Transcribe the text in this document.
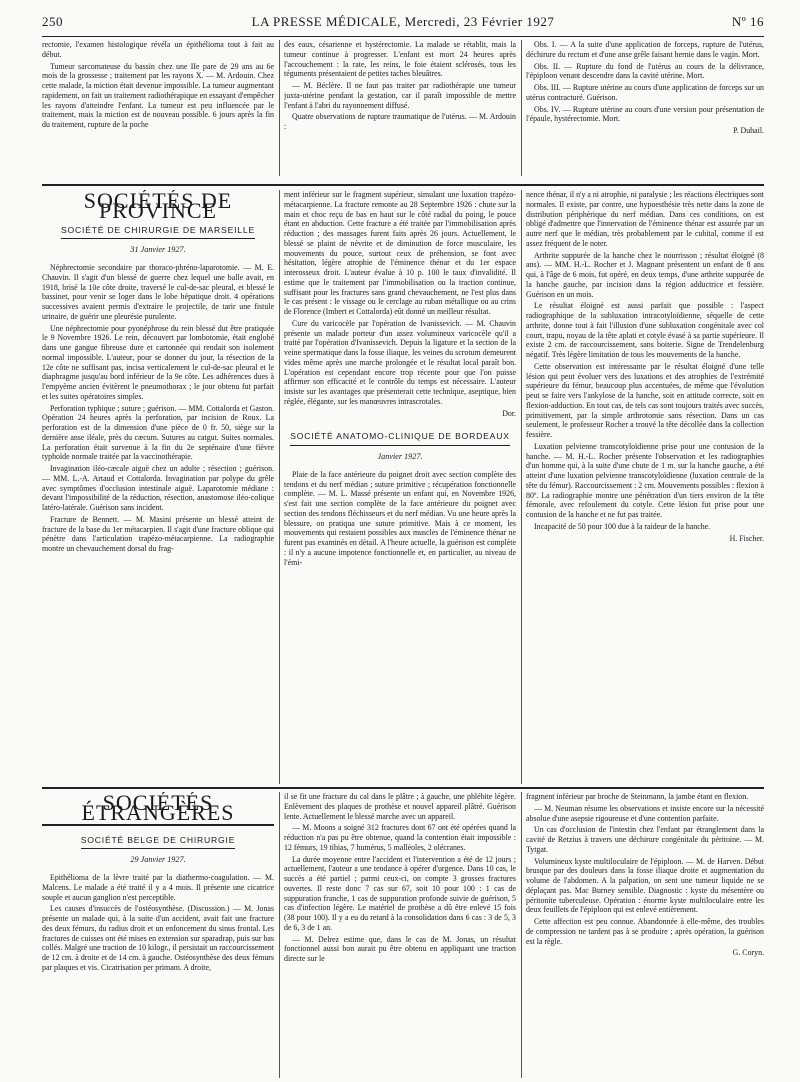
250	LA PRESSE MÉDICALE, Mercredi, 23 Février 1927	Nº 16

rectomie, l'examen histologique révéla un épithélioma tout à fait au début.

Tumeur sarcomateuse du bassin chez une IIe pare de 29 ans au 6e mois de la grossesse ; traitement par les rayons X. — M. Ardouin. Chez cette malade, la miction était devenue impossible. La tumeur augmentant rapidement, on fait un traitement radiothérapique en essayant d'empêcher les rayons d'atteindre l'enfant. La tumeur est peu influencée par le traitement, mais la miction est de nouveau possible. 6 jours après la fin du traitement, rupture de la poche

des eaux, césarienne et hystérectomie. La malade se rétablit, mais la tumeur continue à progresser. L'enfant est mort 24 heures après l'accouchement : la rate, les reins, le foie étaient sclérosés, tous les téguments présentaient de petites taches bleuâtres.

— M. Béclère. Il ne faut pas traiter par radiothérapie une tumeur juxta-utérine pendant la gestation, car il paraît impossible de mettre l'enfant à l'abri du rayonnement diffusé.

Quatre observations de rupture traumatique de l'utérus. — M. Ardouin :

Obs. I. — A la suite d'une application de forceps, rupture de l'utérus, déchirure du rectum et d'une anse grêle faisant hernie dans le vagin. Mort.

Obs. II. — Rupture du fond de l'utérus au cours de la délivrance, l'épiploon venant descendre dans la cavité utérine. Mort.

Obs. III. — Rupture utérine au cours d'une application de forceps sur un utérus contracturé. Guérison.

Obs. IV. — Rupture utérine au cours d'une version pour présentation de l'épaule, hystérectomie. Mort.

P. Duhail.

SOCIÉTÉS DE PROVINCE
SOCIÉTÉ DE CHIRURGIE DE MARSEILLE
31 Janvier 1927.

Néphrectomie secondaire par thoraco-phréno-laparotomie. — M. E. Chauvin. Il s'agit d'un blessé de guerre chez lequel une balle avait, en 1918, brisé la 10e côte droite, traversé le cul-de-sac pleural, et blessé le bassinet, pour venir se loger dans le lobe hépatique droit. 4 opérations successives avaient permis d'extraire le projectile, de tarir une fistule urinaire, de guérir une pleurésie purulente.

Une néphrectomie pour pyonéphrose du rein blessé dut être pratiquée le 9 Novembre 1926. Le rein, découvert par lombotomie, était englobé dans une gangue fibreuse dure et cartonnée qui rendait son isolement normal impossible. L'auteur, pour se donner du jour, la résection de la 12e côte ne suffisant pas, incisa verticalement le cul-de-sac pleural et le diaphragme jusqu'au bord inférieur de la 9e côte. Les adhérences dues à l'empyème ancien évitèrent le pneumothorax ; le jour obtenu fut parfait et les suites opératoires simples.

Perforation typhique ; suture ; guérison. — MM. Cottalorda et Gaston. Opération 24 heures après la perforation, par incision de Roux. La perforation est de la dimension d'une pièce de 0 fr. 50, siège sur la dernière anse iléale, près du cæcum. Sutures au catgut. Suites normales. La perforation était survenue à la fin du 2e septénaire d'une fièvre typhoïde normale traitée par la vaccinothérapie.

Invagination iléo-cæcale aiguë chez un adulte ; résection ; guérison. — MM. L.-A. Artaud et Cottalorda. Invagination par polype du grêle avec symptômes d'occlusion intestinale aiguë. Laparotomie médiane : devant l'impossibilité de la réduction, résection, anastomose iléo-colique latéro-latérale. Guérison sans incident.

Fracture de Bennett. — M. Masini présente un blessé atteint de fracture de la base du 1er métacarpien. Il s'agit d'une fracture oblique qui pénètre dans l'articulation trapézo-métacarpienne. La radiographie montre un chevauchement dorsal du frag-

ment inférieur sur le fragment supérieur, simulant une luxation trapézo-métacarpienne. La fracture remonte au 28 Septembre 1926 : chute sur la main et choc reçu de bas en haut sur le côté radial du poing, le pouce étant en abduction. Cette fracture a été traitée par l'immobilisation après réduction ; des massages furent faits après 26 jours. Actuellement, le blessé se plaint de névrite et de diminution de force musculaire, les mouvements du pouce, surtout ceux de préhension, se font avec hésitation, légère atrophie de l'éminence thénar et du 1er espace interosseux droit. L'auteur évalue à 10 p. 100 le taux d'invalidité. Il estime que le traitement par l'immobilisation ou la traction continue, suffisant pour les fractures sans grand chevauchement, ne l'est plus dans le cas présent : le vissage ou le cerclage au ruban métallique ou au crins de Florence (Imbert et Cottalorda) eût donné un meilleur résultat.

Cure du varicocèle par l'opération de Ivanissevich. — M. Chauvin présente un malade porteur d'un assez volumineux varicocèle qu'il a traité par l'opération d'Ivanissevich. Depuis la ligature et la section de la veine spermatique dans la fosse iliaque, les veines du scrotum demeurent vides même après une marche prolongée et le résultat local paraît bon. L'opération est cependant encore trop récente pour que l'on puisse affirmer son efficacité et le contrôle du temps est nécessaire. L'auteur insiste sur les avantages que présenterait cette technique, aseptique, bien réglée, élégante, sur les manœuvres intrascrotales.

Dor.

SOCIÉTÉ ANATOMO-CLINIQUE DE BORDEAUX
Janvier 1927.

Plaie de la face antérieure du poignet droit avec section complète des tendons et du nerf médian ; suture primitive ; récupération fonctionnelle complète. — M. L. Massé présente un enfant qui, en Novembre 1926, s'est fait une section complète de la face antérieure du poignet avec section des tendons fléchisseurs et du nerf médian. Vu une heure après la blessure, on pratiqua une suture primitive. Mais à ce moment, les mouvements qui restaient possibles aux muscles de l'éminence thénar ne furent pas examinés en détail. A l'heure actuelle, la guérison est complète : il n'y a aucune impotence fonctionnelle et, en particulier, au niveau de l'émi-

nence thénar, il n'y a ni atrophie, ni paralysie ; les réactions électriques sont normales. Il existe, par contre, une hypoesthésie très nette dans la zone de distribution périphérique du nerf médian. Dans ces conditions, on est obligé d'admettre que l'innervation de l'éminence thénar est assurée par un autre nerf que le médian, très probablement par le cubital, comme il est assez fréquent de le noter.

Arthrite suppurée de la hanche chez le nourrisson ; résultat éloigné (8 ans). — MM. H.-L. Rocher et J. Magnant présentent un enfant de 8 ans qui, à l'âge de 6 mois, fut opéré, en deux temps, d'une arthrite suppurée de la hanche gauche, par incision dans la région adductrice et fessière. Guérison en un mois.

Le résultat éloigné est aussi parfait que possible : l'aspect radiographique de la subluxation intracotyloïdienne, séquelle de cette arthrite, donne tout à fait l'illusion d'une subluxation congénitale avec col court, trapu, noyau de la tête aplati et cotyle évasé à sa partie supérieure. Il existe 2 cm. de raccourcissement, sans boiterie. Signe de Trendelenburg négatif. Très légère limitation de tous les mouvements de la hanche.

Cette observation est intéressante par le résultat éloigné d'une telle lésion qui peut évoluer vers des luxations et des atrophies de l'extrémité supérieure du fémur, beaucoup plus accentuées, de même que l'évolution peut se faire vers l'ankylose de la hanche, soit en attitude correcte, soit en flexion-adduction. En tout cas, de tels cas sont toujours traités avec succès, primitivement, par la simple arthrotomie sans résection. Dans un cas seulement, le professeur Rocher a trouvé la tête décollée dans la collection fessière.

Luxation pelvienne transcotyloïdienne prise pour une contusion de la hanche. — M. H.-L. Rocher présente l'observation et les radiographies d'un homme qui, à la suite d'une chute de 1 m. sur la hanche gauche, a été atteint d'une luxation pelvienne transcotyloïdienne (luxation centrale de la tête du fémur). Raccourcissement : 2 cm. Mouvements possibles : flexion à 80º. La radiographie montre une pénétration d'un tiers environ de la tête fémorale, avec refoulement du cotyle. Cette lésion fut prise pour une contusion de la hanche et ne fut pas traitée.

Incapacité de 50 pour 100 due à la raideur de la hanche.

H. Fischer.

SOCIÉTÉS ÉTRANGÈRES
SOCIÉTÉ BELGE DE CHIRURGIE
29 Janvier 1927.

Epithélioma de la lèvre traité par la diathermo-coagulation. — M. Malcens. Le malade a été traité il y a 4 mois. Il présente une cicatrice souple et aucun ganglion n'est perceptible.

Les causes d'insuccès de l'ostéosynthèse. (Discussion.) — M. Jonas présente un malade qui, à la suite d'un accident, avait fait une fracture des deux fémurs, du radius droit et un enfoncement du sinus frontal. Les fractures de cuisses ont été mises en extension sur sparadrap, puis sur bas collés. Malgré une traction de 10 kilogr., il persistait un raccourcissement de 12 cm. à droite et de 14 cm. à gauche. Ostéosynthèse des deux fémurs par plaques et vis. Cicatrisation per primam. A droite,

il se fit une fracture du cal dans le plâtre ; à gauche, une phlébite légère. Enlèvement des plaques de prothèse et nouvel appareil plâtré. Guérison lente. Actuellement le blessé marche avec un appareil.

— M. Moons a soigné 312 fractures dont 67 ont été opérées quand la réduction n'a pas pu être obtenue, quand la contention était impossible : 12 fémurs, 19 tibias, 7 humérus, 5 malléoles, 2 olécranes.

La durée moyenne entre l'accident et l'intervention a été de 12 jours ; actuellement, l'auteur a une tendance à opérer d'urgence. Dans 10 cas, le succès a été partiel ; parmi ceux-ci, on compte 3 grosses fractures ouvertes. Il reste donc 7 cas sur 67, soit 10 pour 100 : 1 cas de suppuration franche, 1 cas de suppuration profonde suivie de guérison, 5 cas d'infection légère. Le matériel de prothèse a dû être enlevé 15 fois (38 pour 100). Il y a eu du retard à la consolidation dans 6 cas : 3 de 5, 3 de 6, 3 de 1 an.

— M. Delrez estime que, dans le cas de M. Jonas, un résultat fonctionnel aussi bon aurait pu être obtenu en appliquant une traction directe sur le

fragment inférieur par broche de Steinmann, la jambe étant en flexion.

— M. Neuman résume les observations et insiste encore sur la nécessité absolue d'une asepsie rigoureuse et d'une contention parfaite.

Un cas d'occlusion de l'intestin chez l'enfant par étranglement dans la cavité de Retzius à travers une déchirure congénitale du péritoine. — M. Tytgat.

Volumineux kyste multiloculaire de l'épiploon. — M. de Harven. Début brusque par des douleurs dans la fosse iliaque droite et augmentation du volume de l'abdomen. A la palpation, on sent une tumeur liquide ne se déplaçant pas. Mac Burney sensible. Diagnostic : kyste du mésentère ou péritonite tuberculeuse. Opération : énorme kyste multiloculaire entre les deux feuillets de l'épiploon qui est enlevé entièrement.

Cette affection est peu connue. Abandonnée à elle-même, des troubles de compression ne tardent pas à se produire ; après opération, la guérison est la règle.

G. Coryn.
